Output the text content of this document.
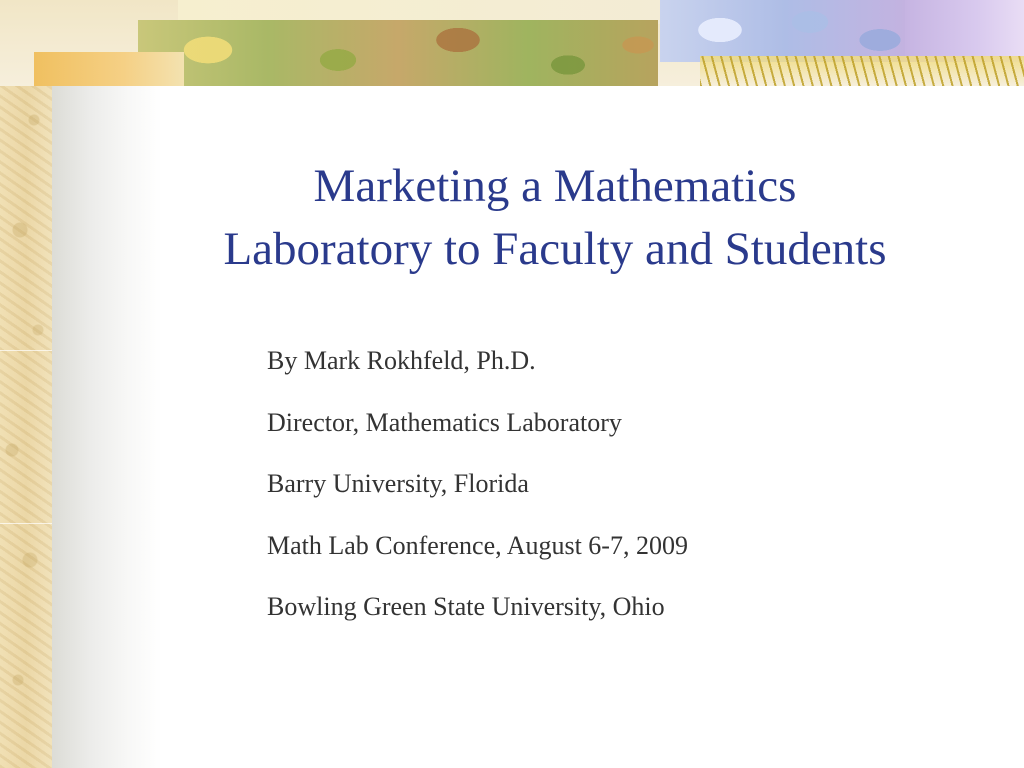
Marketing a Mathematics
Laboratory to Faculty and Students
By Mark Rokhfeld, Ph.D.
Director, Mathematics Laboratory
Barry University, Florida
Math Lab Conference, August 6-7, 2009
Bowling Green State University, Ohio
